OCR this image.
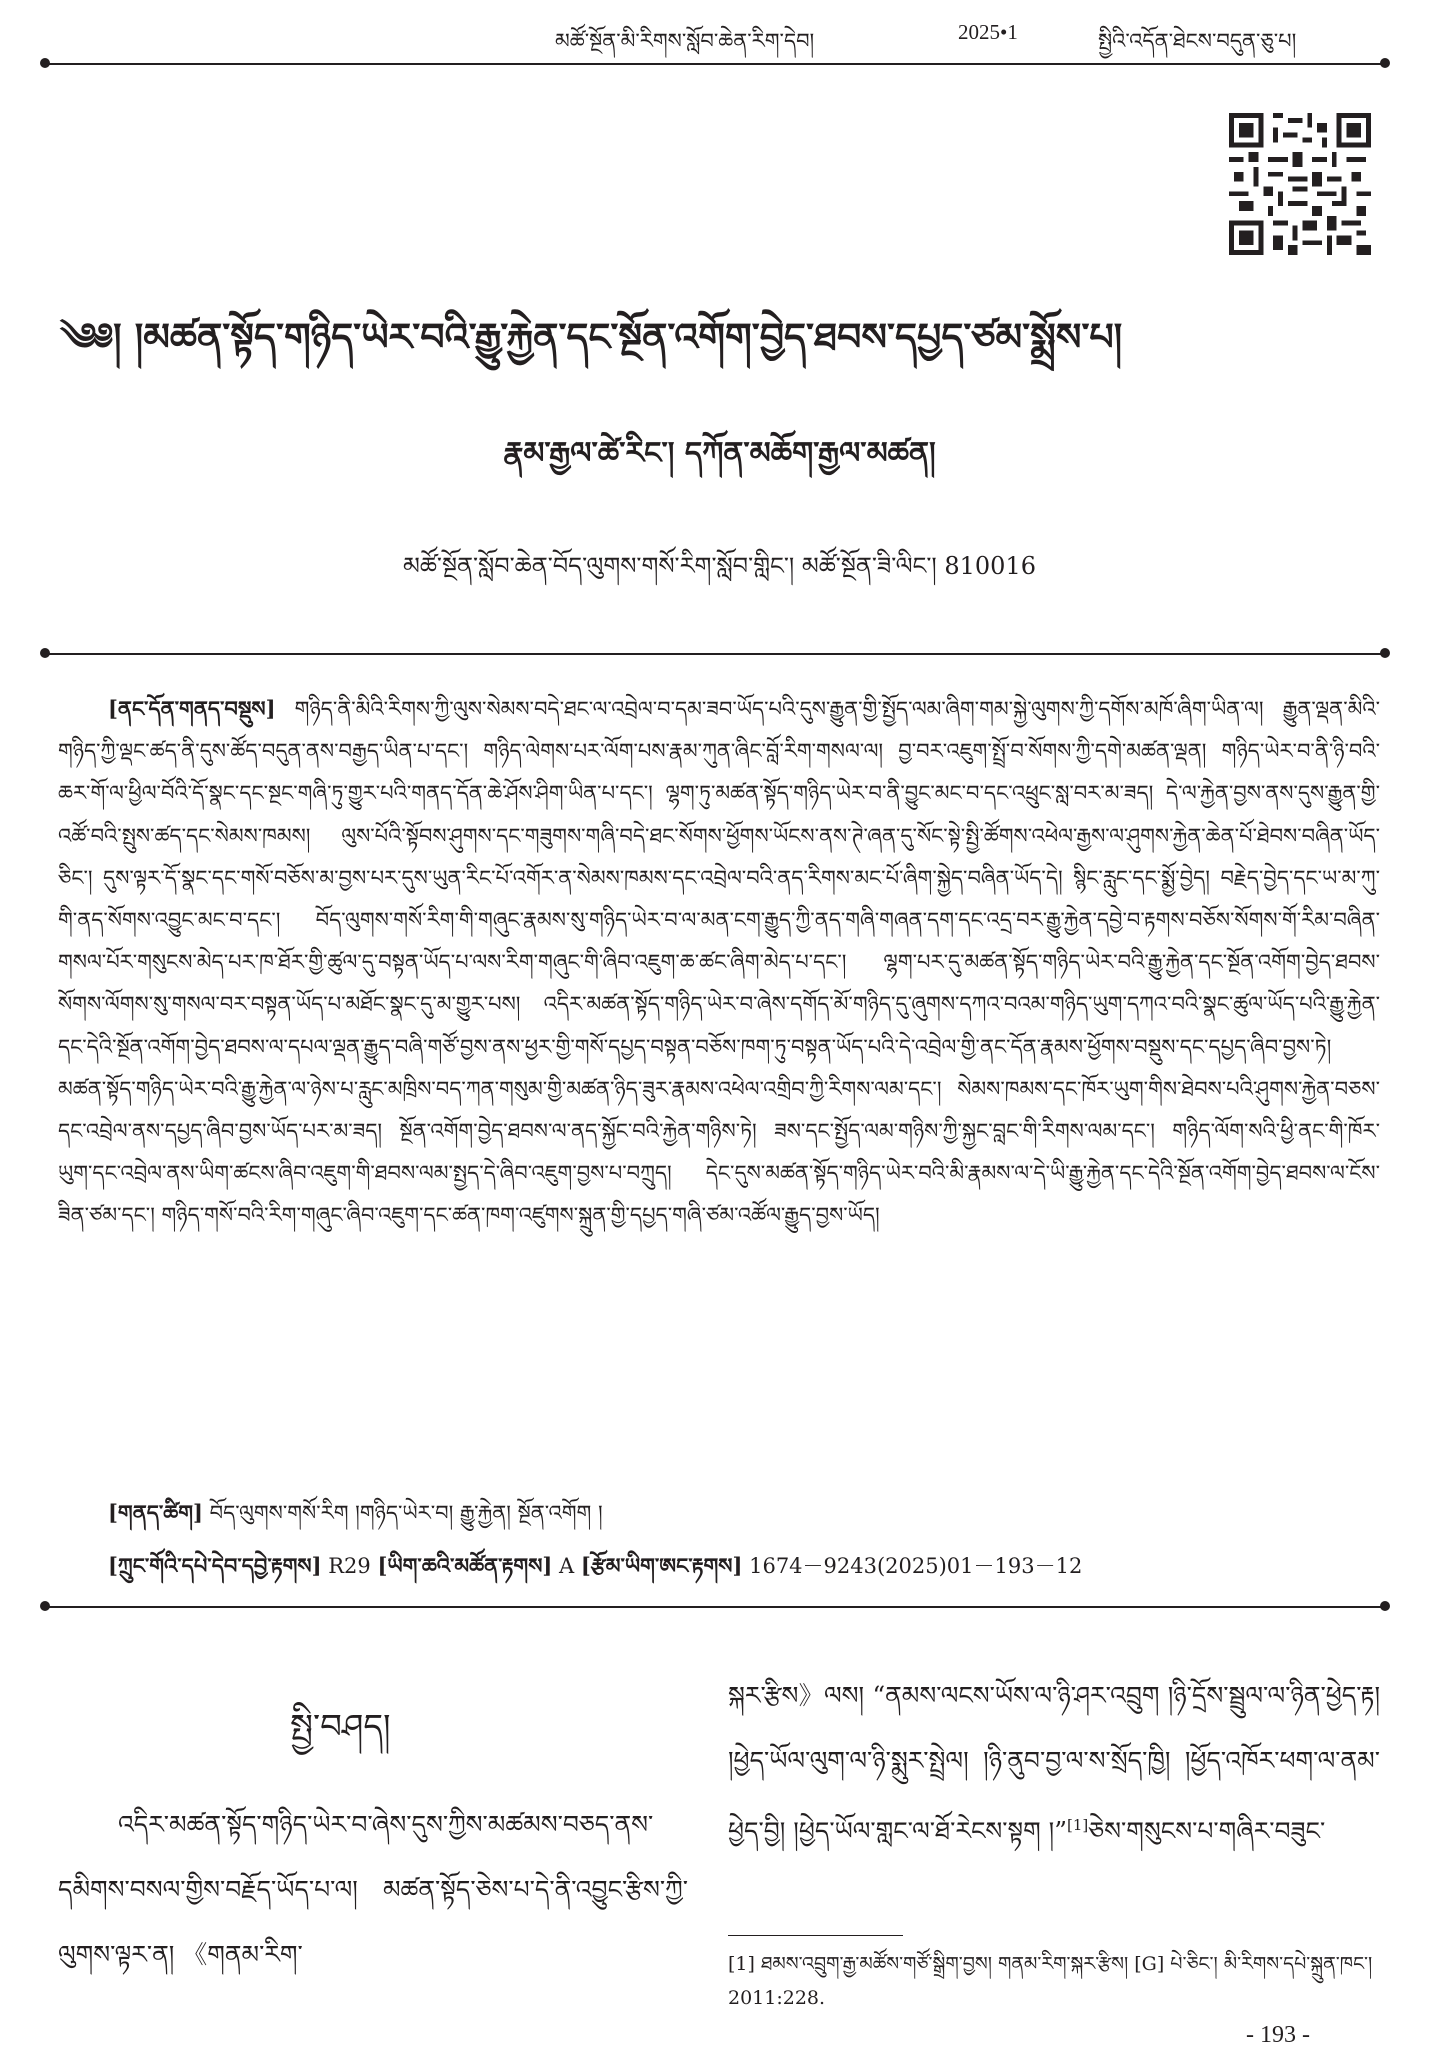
མཚོ་སྔོན་མི་རིགས་སློབ་ཆེན་རིག་དེབ།	2025•1	སྤྱིའི་འདོན་ཐེངས་བདུན་ཅུ་པ།
༄༅། །མཚན་སྟོད་གཉིད་ཡེར་བའི་རྒྱུ་རྐྱེན་དང་སྔོན་འགོག་བྱེད་ཐབས་དཔྱད་ཙམ་སྨྲོས་པ།
རྣམ་རྒྱལ་ཚེ་རིང་། དཀོན་མཆོག་རྒྱལ་མཚན།
མཚོ་སྔོན་སློབ་ཆེན་བོད་ལུགས་གསོ་རིག་སློབ་གླིང་། མཚོ་སྔོན་ཟི་ལིང་། 810016
[ནང་དོན་གནད་བསྡུས] གཉིད་ནི་མིའི་རིགས་ཀྱི་ལུས་སེམས་བདེ་ཐང་ལ་འབྲེལ་བ་དམ་ཟབ་ཡོད་པའི་དུས་རྒྱུན་གྱི་སྤྱོད་ལམ་ཞིག་གམ་སྐྱེ་ལུགས་ཀྱི་དགོས་མཁོ་ཞིག་ཡིན་ལ། རྒྱུན་ལྡན་མིའི་གཉིད་ཀྱི་ལྡང་ཚད་ནི་དུས་ཚོད་བདུན་ནས་བརྒྱད་ཡིན་པ་དང་། གཉིད་ལེགས་པར་ལོག་པས་རྣམ་ཀུན་ཞིང་བློ་རིག་གསལ་ལ། བྱ་བར་འཇུག་སྤྲོ་བ་སོགས་ཀྱི་དགེ་མཚན་ལྡན། གཉིད་ཡེར་བ་ནི་ཉི་བའི་ཆར་གོ་ལ་ཕྱིལ་བོའི་དོ་སྣང་དང་སྔང་གཞི་ཏུ་གྱུར་པའི་གནད་དོན་ཆེ་ཤོས་ཤིག་ཡིན་པ་དང་། ལྷག་ཏུ་མཚན་སྟོད་གཉིད་ཡེར་བ་ནི་བྱུང་མང་བ་དང་འཕྲུང་སླ་བར་མ་ཟད། དེ་ལ་རྐྱེན་བྱས་ནས་དུས་རྒྱུན་གྱི་འཚོ་བའི་སྤུས་ཚད་དང་སེམས་ཁམས། ལུས་པོའི་སྟོབས་ཤུགས་དང་གཟུགས་གཞི་བདེ་ཐང་སོགས་ཕྱོགས་ཡོངས་ནས་ཊེ་ཞན་དུ་སོང་སྟེ་སྤྱི་ཚོགས་འཕེལ་རྒྱས་ལ་ཤུགས་རྐྱེན་ཆེན་པོ་ཐེབས་བཞིན་ཡོད་ཅིང་། དུས་ལྟར་དོ་སྣང་དང་གསོ་བཅོས་མ་བྱས་པར་དུས་ཡུན་རིང་པོ་འགོར་ན་སེམས་ཁམས་དང་འབྲེལ་བའི་ནད་རིགས་མང་པོ་ཞིག་སྐྱེད་བཞིན་ཡོད་དེ། སྙིང་རླུང་དང་སྨྱོ་བྱེད། བརྗེད་བྱེད་དང་ཡ་མ་ཀུ་གི་ནད་སོགས་འབྱུང་མང་བ་དང་། བོད་ལུགས་གསོ་རིག་གི་གཞུང་རྣམས་སུ་གཉིད་ཡེར་བ་ལ་མན་ངག་རྒྱུད་ཀྱི་ནད་གཞི་གཞན་དག་དང་འདྲ་བར་རྒྱུ་རྐྱེན་དབྱེ་བ་རྟགས་བཅོས་སོགས་གོ་རིམ་བཞིན་གསལ་པོར་གསུངས་མེད་པར་ཁ་ཐོར་གྱི་ཚུལ་དུ་བསྟན་ཡོད་པ་ལས་རིག་གཞུང་གི་ཞིབ་འཇུག་ཆ་ཚང་ཞིག་མེད་པ་དང་། ལྷག་པར་དུ་མཚན་སྟོད་གཉིད་ཡེར་བའི་རྒྱུ་རྐྱེན་དང་སྔོན་འགོག་བྱེད་ཐབས་སོགས་ལོགས་སུ་གསལ་བར་བསྟན་ཡོད་པ་མཐོང་སྣང་དུ་མ་གྱུར་པས། འདིར་མཚན་སྟོད་གཉིད་ཡེར་བ་ཞེས་དགོད་མོ་གཉིད་དུ་ཞུགས་དཀའ་བའམ་གཉིད་ཡུག་དཀའ་བའི་སྣང་ཚུལ་ཡོད་པའི་རྒྱུ་རྐྱེན་དང་དེའི་སྔོན་འགོག་བྱེད་ཐབས་ལ་དཔལ་ལྡན་རྒྱུད་བཞི་གཙོ་བྱས་ནས་ཕྱར་གྱི་གསོ་དཔྱད་བསྟན་བཅོས་ཁག་ཏུ་བསྟན་ཡོད་པའི་དེ་འབྲེལ་གྱི་ནང་དོན་རྣམས་ཕྱོགས་བསྡུས་དང་དཔྱད་ཞིབ་བྱས་ཏེ། མཚན་སྟོད་གཉིད་ཡེར་བའི་རྒྱུ་རྐྱེན་ལ་ཉེས་པ་རླུང་མཁྲིས་བད་ཀན་གསུམ་གྱི་མཚན་ཉིད་ཟུར་རྣམས་འཕེལ་འགྲིབ་ཀྱི་རིགས་ལམ་དང་། སེམས་ཁམས་དང་ཁོར་ཡུག་གིས་ཐེབས་པའི་ཤུགས་རྐྱེན་བཅས་དང་འབྲེལ་ནས་དཔྱད་ཞིབ་བྱས་ཡོད་པར་མ་ཟད། སྔོན་འགོག་བྱེད་ཐབས་ལ་ནད་སྐྱོང་བའི་རྐྱེན་གཉིས་ཏེ། ཟས་དང་སྤྱོད་ལམ་གཉིས་ཀྱི་སྐྱང་བླང་གི་རིགས་ལམ་དང་། གཉིད་ལོག་སའི་ཕྱི་ནང་གི་ཁོར་ཡུག་དང་འབྲེལ་ནས་ཡིག་ཚངས་ཞིབ་འཇུག་གི་ཐབས་ལམ་སྤྱད་དེ་ཞིབ་འཇུག་བྱས་པ་བཀྲུད། དེང་དུས་མཚན་སྟོད་གཉིད་ཡེར་བའི་མི་རྣམས་ལ་དེ་ཡི་རྒྱུ་རྐྱེན་དང་དེའི་སྔོན་འགོག་བྱེད་ཐབས་ལ་ངོས་ཟིན་ཙམ་དང་། གཉིད་གསོ་བའི་རིག་གཞུང་ཞིབ་འཇུག་དང་ཚན་ཁག་འཛུགས་སྐྲུན་གྱི་དཔྱད་གཞི་ཙམ་འཚོལ་རྒྱུད་བྱས་ཡོད།
[གནད་ཚིག] བོད་ལུགས་གསོ་རིག །གཉིད་ཡེར་བ། རྒྱུ་རྐྱེན། སྔོན་འགོག །
[ཀྲུང་གོའི་དཔེ་དེབ་དབྱེ་རྟགས] R29 [ཡིག་ཆའི་མཚོན་རྟགས] A [རྩོམ་ཡིག་ཨང་རྟགས] 1674－9243(2025)01－193－12
སྤྱི་བཤད།
འདིར་མཚན་སྟོད་གཉིད་ཡེར་བ་ཞེས་དུས་ཀྱིས་མཚམས་བཅད་ནས་དམིགས་བསལ་གྱིས་བརྗོད་ཡོད་པ་ལ། མཚན་སྟོད་ཅེས་པ་དེ་ནི་འབྱུང་རྩིས་ཀྱི་ལུགས་ལྟར་ན། 《གནམ་རིག་
སྐར་རྩིས》ལས། “ནམས་ལངས་ཡོས་ལ་ཉི་ཤར་འབྲུག །ཉི་དྲོས་སྦྲུལ་ལ་ཉིན་ཕྱེད་རྟ། །ཕྱེད་ཡོལ་ལུག་ལ་ཉི་སྨུར་སྤྲེལ། །ཉི་ནུབ་བྱ་ལ་ས་སྲོད་ཁྱི། །ཕྱོད་འཁོར་ཕག་ལ་ནམ་ཕྱེད་བྱི། །ཕྱེད་ཡོལ་གླང་ལ་ཐོ་རེངས་སྟག །”[1]ཅེས་གསུངས་པ་གཞིར་བཟུང་
[1] ཐམས་འབྲུག་རྒྱ་མཚོས་གཙོ་སྒྲིག་བྱས། གནམ་རིག་སྐར་རྩིས། [G] པེ་ཅིང་། མི་རིགས་དཔེ་སྐྲུན་ཁང་། 2011:228.
- 193 -
